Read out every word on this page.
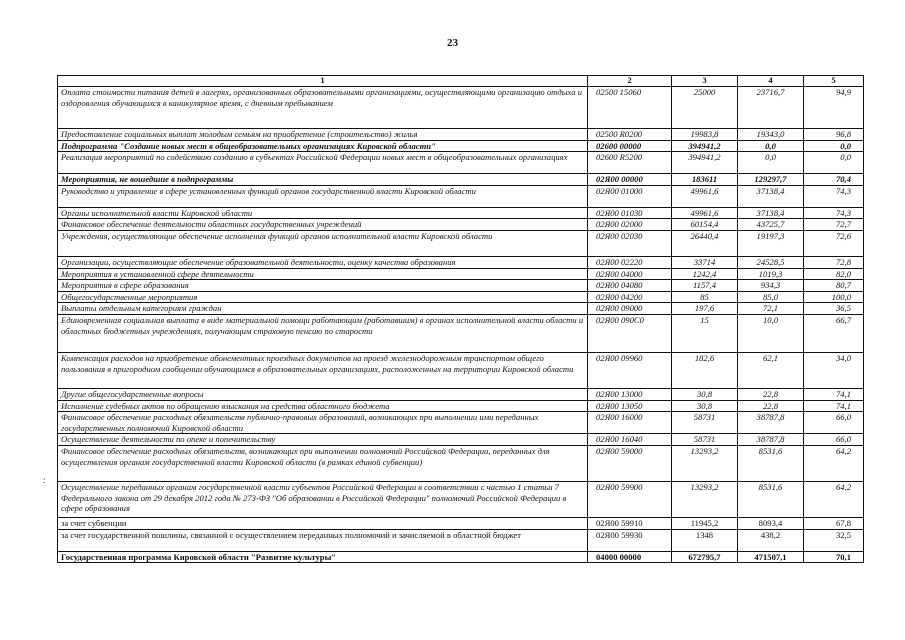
23
:
1	2	3	4	5
Оплата стоимости питания детей в лагерях, организованных образовательными организациями, осуществляющими организацию отдыха и оздоровления обучающихся в каникулярное время, с дневным пребыванием	02500 15060	25000	23716,7	94,9
Предоставление социальных выплат молодым семьям на приобретение (строительство) жилья	02500 R0200	19983,8	19343,0	96,8
Подпрограмма "Создание новых мест в общеобразовательных организациях Кировской области"	02600 00000	394941,2	0,0	0,0
Реализация мероприятий по содействию созданию в субъектах Российской Федерации новых мест в общеобразовательных организациях	02600 R5200	394941,2	0,0	0,0
Мероприятия, не вошедшие в подпрограммы	02Я00 00000	183611	129297,7	70,4
Руководство и управление в сфере установленных функций органов государственной власти Кировской области	02Я00 01000	49961,6	37138,4	74,3
Органы исполнительной власти Кировской области	02Я00 01030	49961,6	37138,4	74,3
Финансовое обеспечение деятельности областных государственных учреждений	02Я00 02000	60154,4	43725,7	72,7
Учреждения, осуществляющие обеспечение исполнения функций органов исполнительной власти Кировской области	02Я00 02030	26440,4	19197,3	72,6
Организации, осуществляющие обеспечение образовательной деятельности, оценку качества образования	02Я00 02220	33714	24528,5	72,8
Мероприятия в установленной сфере деятельности	02Я00 04000	1242,4	1019,3	82,0
Мероприятия в сфере образования	02Я00 04080	1157,4	934,3	80,7
Общегосударственные мероприятия	02Я00 04200	85	85,0	100,0
Выплаты отдельным категориям граждан	02Я00 09000	197,6	72,1	36,5
Единовременная социальная выплата в виде материальной помощи работающим (работавшим) в органах исполнительной власти области и областных бюджетных учреждениях, получающим страховую пенсию по старости	02Я00 090С0	15	10,0	66,7
Компенсация расходов на приобретение абонементных проездных документов на проезд железнодорожным транспортом общего пользования в пригородном сообщении обучающимся в образовательных организациях, расположенных на территории Кировской области	02Я00 09960	182,6	62,1	34,0
Другие общегосударственные вопросы	02Я00 13000	30,8	22,8	74,1
Исполнение судебных актов по обращению взыскания на средства областного бюджета	02Я00 13050	30,8	22,8	74,1
Финансовое обеспечение расходных обязательств публично-правовых образований, возникающих при выполнении ими переданных государственных полномочий Кировской области	02Я00 16000	58731	38787,8	66,0
Осуществление деятельности по опеке и попечительству	02Я00 16040	58731	38787,8	66,0
Финансовое обеспечение расходных обязательств, возникающих при выполнении полномочий Российской Федерации, переданных для осуществления органам государственной власти Кировской области (в рамках единой субвенции)	02Я00 59000	13293,2	8531,6	64,2
Осуществление переданных органам государственной власти субъектов Российской Федерации в соответствии с частью 1 статьи 7 Федерального закона от 29 декабря 2012 года № 273-ФЗ "Об образовании в Российской Федерации" полномочий Российской Федерации в сфере образования	02Я00 59900	13293,2	8531,6	64,2
за счет субвенции	02Я00 59910	11945,2	8093,4	67,8
за счет государственной пошлины, связанной с осуществлением переданных полномочий и зачисляемой в областной бюджет	02Я00 59930	1348	438,2	32,5
Государственная программа Кировской области "Развитие культуры"	04000 00000	672795,7	471507,1	70,1
